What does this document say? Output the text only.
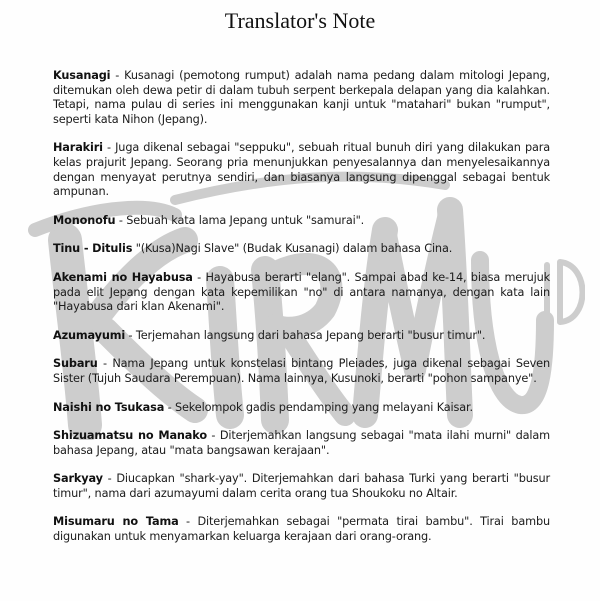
Translator's Note

Kusanagi - Kusanagi (pemotong rumput) adalah nama pedang dalam mitologi Jepang, ditemukan oleh dewa petir di dalam tubuh serpent berkepala delapan yang dia kalahkan. Tetapi, nama pulau di series ini menggunakan kanji untuk "matahari" bukan "rumput", seperti kata Nihon (Jepang).

Harakiri - Juga dikenal sebagai "seppuku", sebuah ritual bunuh diri yang dilakukan para kelas prajurit Jepang. Seorang pria menunjukkan penyesalannya dan menyelesaikannya dengan menyayat perutnya sendiri, dan biasanya langsung dipenggal sebagai bentuk ampunan.

Mononofu - Sebuah kata lama Jepang untuk "samurai".

Tinu - Ditulis "(Kusa)Nagi Slave" (Budak Kusanagi) dalam bahasa Cina.

Akenami no Hayabusa - Hayabusa berarti "elang". Sampai abad ke-14, biasa merujuk pada elit Jepang dengan kata kepemilikan "no" di antara namanya, dengan kata lain "Hayabusa dari klan Akenami".

Azumayumi - Terjemahan langsung dari bahasa Jepang berarti "busur timur".

Subaru - Nama Jepang untuk konstelasi bintang Pleiades, juga dikenal sebagai Seven Sister (Tujuh Saudara Perempuan). Nama lainnya, Kusunoki, berarti "pohon sampanye".

Naishi no Tsukasa - Sekelompok gadis pendamping yang melayani Kaisar.

Shizuamatsu no Manako - Diterjemahkan langsung sebagai "mata ilahi murni" dalam bahasa Jepang, atau "mata bangsawan kerajaan".

Sarkyay - Diucapkan "shark-yay". Diterjemahkan dari bahasa Turki yang berarti "busur timur", nama dari azumayumi dalam cerita orang tua Shoukoku no Altair.

Misumaru no Tama - Diterjemahkan sebagai "permata tirai bambu". Tirai bambu digunakan untuk menyamarkan keluarga kerajaan dari orang-orang.
